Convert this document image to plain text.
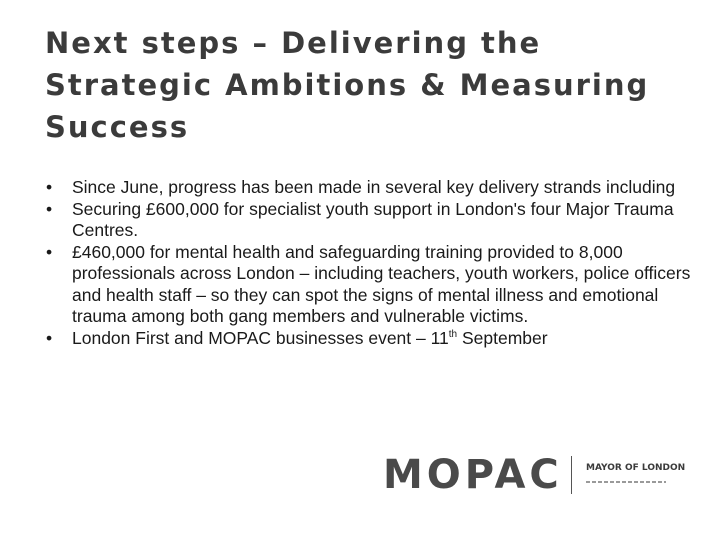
Next steps – Delivering the
Strategic Ambitions & Measuring
Success
•	Since June, progress has been made in several key delivery strands including
•	Securing £600,000 for specialist youth support in London's four Major Trauma Centres.
•	£460,000 for mental health and safeguarding training provided to 8,000 professionals across London – including teachers, youth workers, police officers and health staff – so they can spot the signs of mental illness and emotional trauma among both gang members and vulnerable victims.
•	London First and MOPAC businesses event – 11th September
MOPAC	MAYOR OF LONDON
